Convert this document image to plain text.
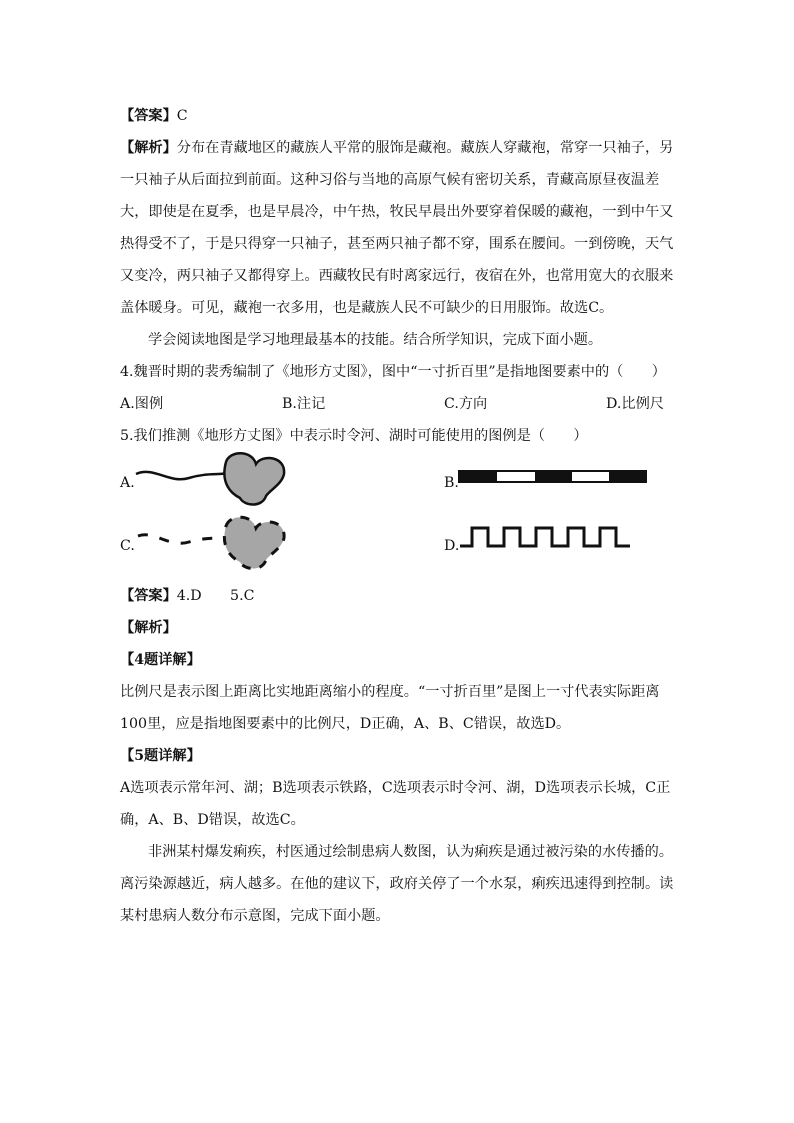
【答案】C

【解析】分布在青藏地区的藏族人平常的服饰是藏袍。藏族人穿藏袍，常穿一只袖子，另一只袖子从后面拉到前面。这种习俗与当地的高原气候有密切关系，青藏高原昼夜温差大，即使是在夏季，也是早晨冷，中午热，牧民早晨出外要穿着保暖的藏袍，一到中午又热得受不了，于是只得穿一只袖子，甚至两只袖子都不穿，围系在腰间。一到傍晚，天气又变冷，两只袖子又都得穿上。西藏牧民有时离家远行，夜宿在外，也常用宽大的衣服来盖体暖身。可见，藏袍一衣多用，也是藏族人民不可缺少的日用服饰。故选C。

学会阅读地图是学习地理最基本的技能。结合所学知识，完成下面小题。

4.魏晋时期的裴秀编制了《地形方丈图》，图中“一寸折百里”是指地图要素中的（　　）

A.图例	B.注记	C.方向	D.比例尺

5.我们推测《地形方丈图》中表示时令河、湖时可能使用的图例是（　　）

A.	B.
C.	D.

【答案】4.D　　5.C

【解析】

【4题详解】

比例尺是表示图上距离比实地距离缩小的程度。“一寸折百里”是图上一寸代表实际距离100里，应是指地图要素中的比例尺，D正确，A、B、C错误，故选D。

【5题详解】

A选项表示常年河、湖；B选项表示铁路，C选项表示时令河、湖，D选项表示长城，C正确，A、B、D错误，故选C。

非洲某村爆发痢疾，村医通过绘制患病人数图，认为痢疾是通过被污染的水传播的。离污染源越近，病人越多。在他的建议下，政府关停了一个水泵，痢疾迅速得到控制。读某村患病人数分布示意图，完成下面小题。
